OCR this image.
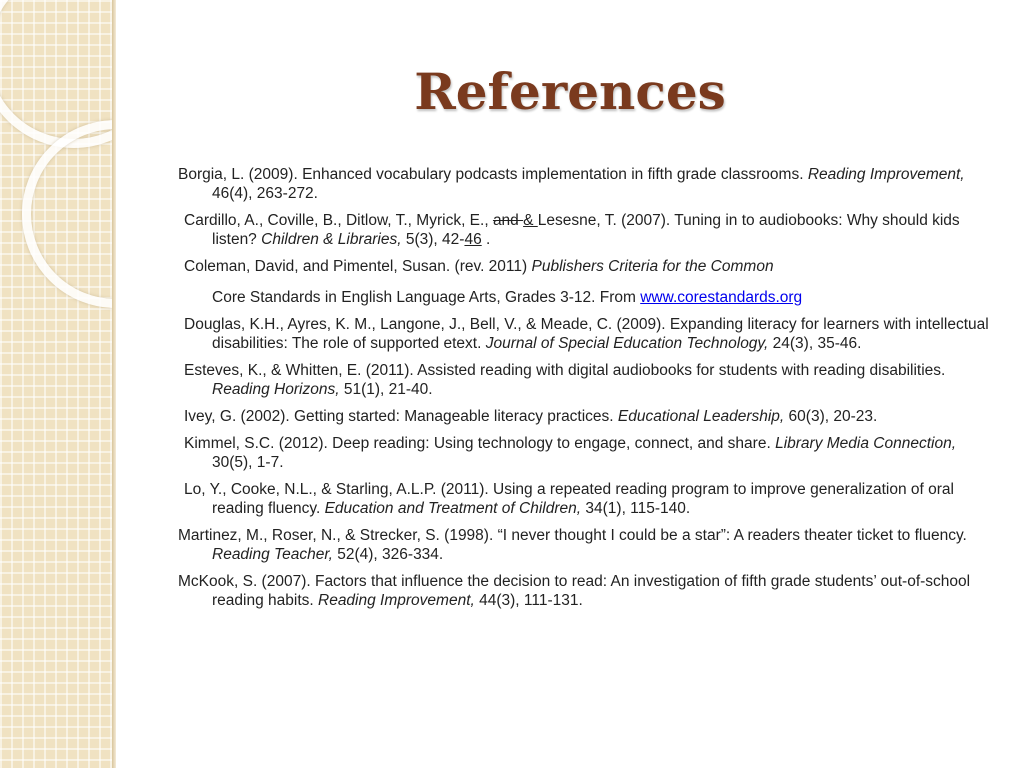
References

Borgia, L. (2009). Enhanced vocabulary podcasts implementation in fifth grade classrooms. Reading Improvement, 46(4), 263-272.

Cardillo, A., Coville, B., Ditlow, T., Myrick, E., and & Lesesne, T. (2007). Tuning in to audiobooks: Why should kids listen? Children & Libraries, 5(3), 42-46 .

Coleman, David, and Pimentel, Susan. (rev. 2011) Publishers Criteria for the Common

Core Standards in English Language Arts, Grades 3-12. From www.corestandards.org

Douglas, K.H., Ayres, K. M., Langone, J., Bell, V., & Meade, C. (2009). Expanding literacy for learners with intellectual disabilities: The role of supported etext. Journal of Special Education Technology, 24(3), 35-46.

Esteves, K., & Whitten, E. (2011). Assisted reading with digital audiobooks for students with reading disabilities. Reading Horizons, 51(1), 21-40.

Ivey, G. (2002). Getting started: Manageable literacy practices. Educational Leadership, 60(3), 20-23.

Kimmel, S.C. (2012). Deep reading: Using technology to engage, connect, and share. Library Media Connection, 30(5), 1-7.

Lo, Y., Cooke, N.L., & Starling, A.L.P. (2011). Using a repeated reading program to improve generalization of oral reading fluency. Education and Treatment of Children, 34(1), 115-140.

Martinez, M., Roser, N., & Strecker, S. (1998). “I never thought I could be a star”: A readers theater ticket to fluency. Reading Teacher, 52(4), 326-334.

McKook, S. (2007). Factors that influence the decision to read: An investigation of fifth grade students’ out-of-school reading habits. Reading Improvement, 44(3), 111-131.
